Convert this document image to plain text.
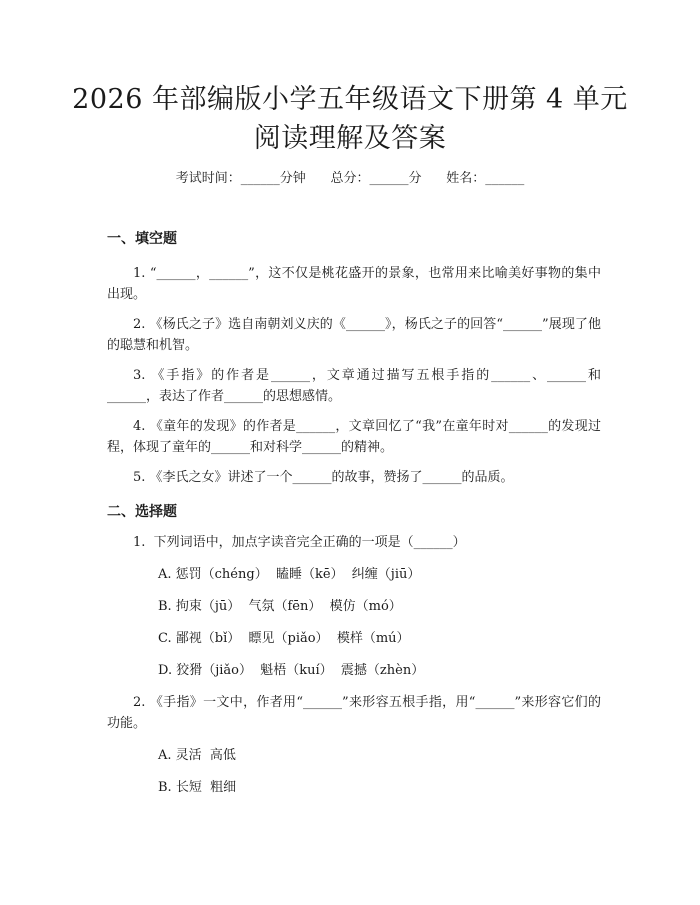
2026 年部编版小学五年级语文下册第 4 单元
阅读理解及答案
考试时间：______分钟      总分：______分      姓名：______
一、填空题
1. “______，______”，这不仅是桃花盛开的景象，也常用来比喻美好事物的集中出现。
2. 《杨氏之子》选自南朝刘义庆的《______》，杨氏之子的回答“______”展现了他的聪慧和机智。
3. 《手指》的作者是______，文章通过描写五根手指的______、______和______，表达了作者______的思想感情。
4. 《童年的发现》的作者是______，文章回忆了“我”在童年时对______的发现过程，体现了童年的______和对科学______的精神。
5. 《李氏之女》讲述了一个______的故事，赞扬了______的品质。
二、选择题
1.  下列词语中，加点字读音完全正确的一项是（______）
A. 惩罚（chéng）  瞌睡（kē）  纠缠（jiū）
B. 拘束（jū）  气氛（fēn）  模仿（mó）
C. 鄙视（bǐ）  瞟见（piǎo）  模样（mú）
D. 狡猾（jiǎo）  魁梧（kuí）  震撼（zhèn）
2. 《手指》一文中，作者用“______”来形容五根手指，用“______”来形容它们的功能。
A. 灵活  高低
B. 长短  粗细
